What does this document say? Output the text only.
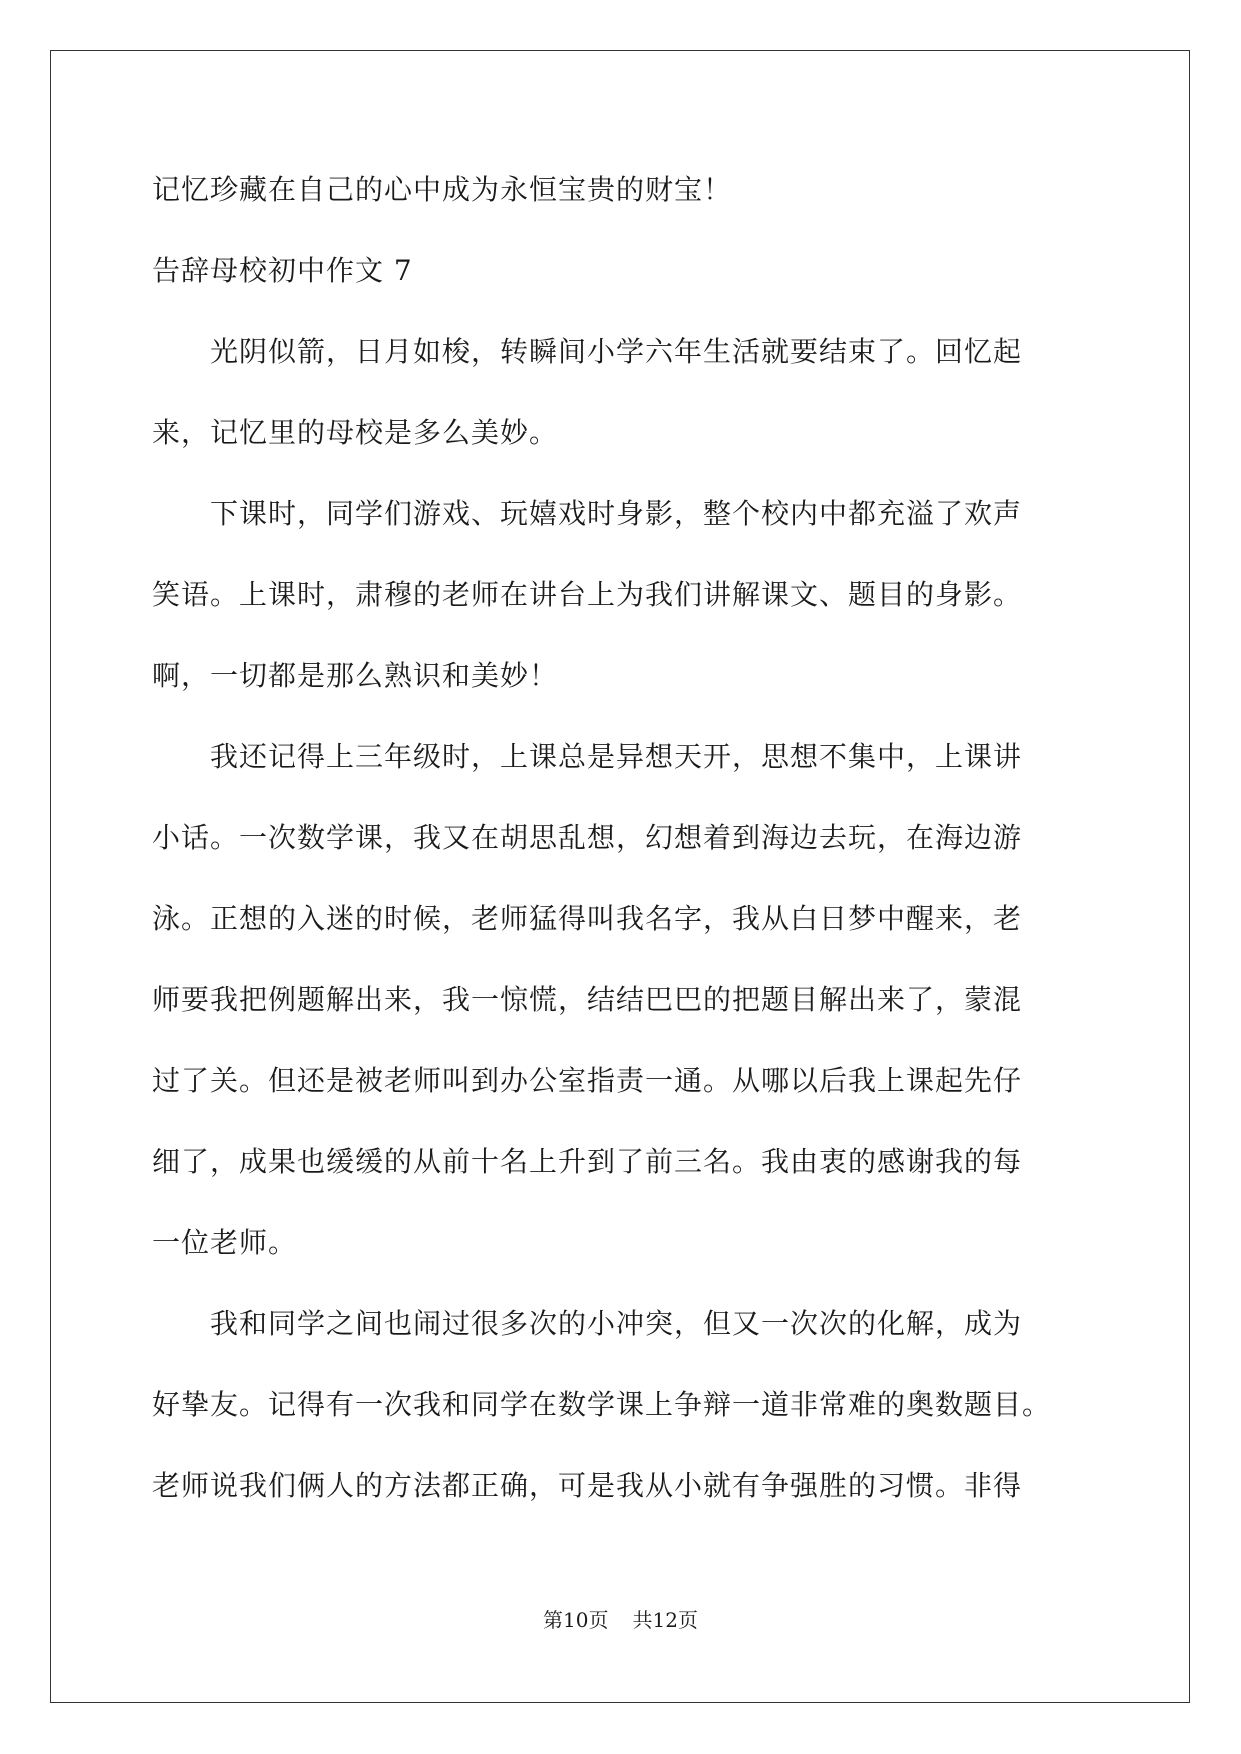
记忆珍藏在自己的心中成为永恒宝贵的财宝！
告辞母校初中作文 7
　　光阴似箭，日月如梭，转瞬间小学六年生活就要结束了。回忆起
来，记忆里的母校是多么美妙。
　　下课时，同学们游戏、玩嬉戏时身影，整个校内中都充溢了欢声
笑语。上课时，肃穆的老师在讲台上为我们讲解课文、题目的身影。
啊，一切都是那么熟识和美妙！
　　我还记得上三年级时，上课总是异想天开，思想不集中，上课讲
小话。一次数学课，我又在胡思乱想，幻想着到海边去玩，在海边游
泳。正想的入迷的时候，老师猛得叫我名字，我从白日梦中醒来，老
师要我把例题解出来，我一惊慌，结结巴巴的把题目解出来了，蒙混
过了关。但还是被老师叫到办公室指责一通。从哪以后我上课起先仔
细了，成果也缓缓的从前十名上升到了前三名。我由衷的感谢我的每
一位老师。
　　我和同学之间也闹过很多次的小冲突，但又一次次的化解，成为
好挚友。记得有一次我和同学在数学课上争辩一道非常难的奥数题目。
老师说我们俩人的方法都正确，可是我从小就有争强胜的习惯。非得
第10页 共12页
